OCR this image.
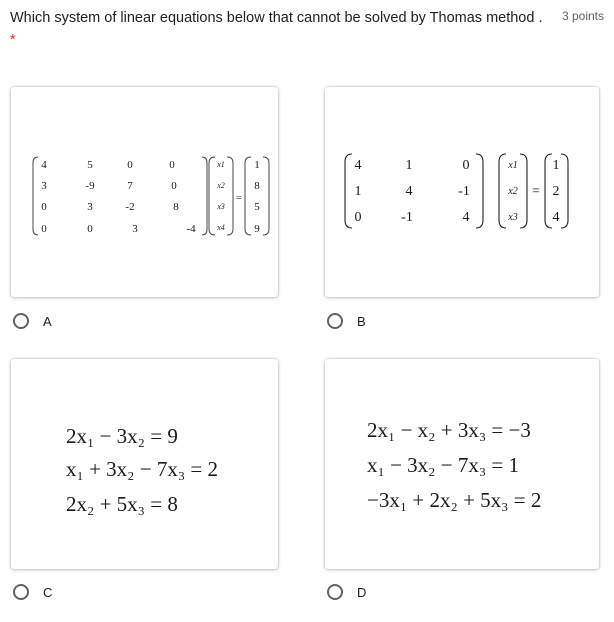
Which system of linear equations below that cannot be solved by Thomas method . *
3 points
4	5	0	0
3	-9	7	0
0	3	-2	8
0	0	3	-4
x1
x2
x3
x4
=
1
8
5
9
4	1	0
1	4	-1
0	-1	4
x1
x2
x3
=
1
2
4
A	B
2x₁ − 3x₂ = 9
x₁ + 3x₂ − 7x₃ = 2
2x₂ + 5x₃ = 8
2x₁ − x₂ + 3x₃ = −3
x₁ − 3x₂ − 7x₃ = 1
−3x₁ + 2x₂ + 5x₃ = 2
C	D
